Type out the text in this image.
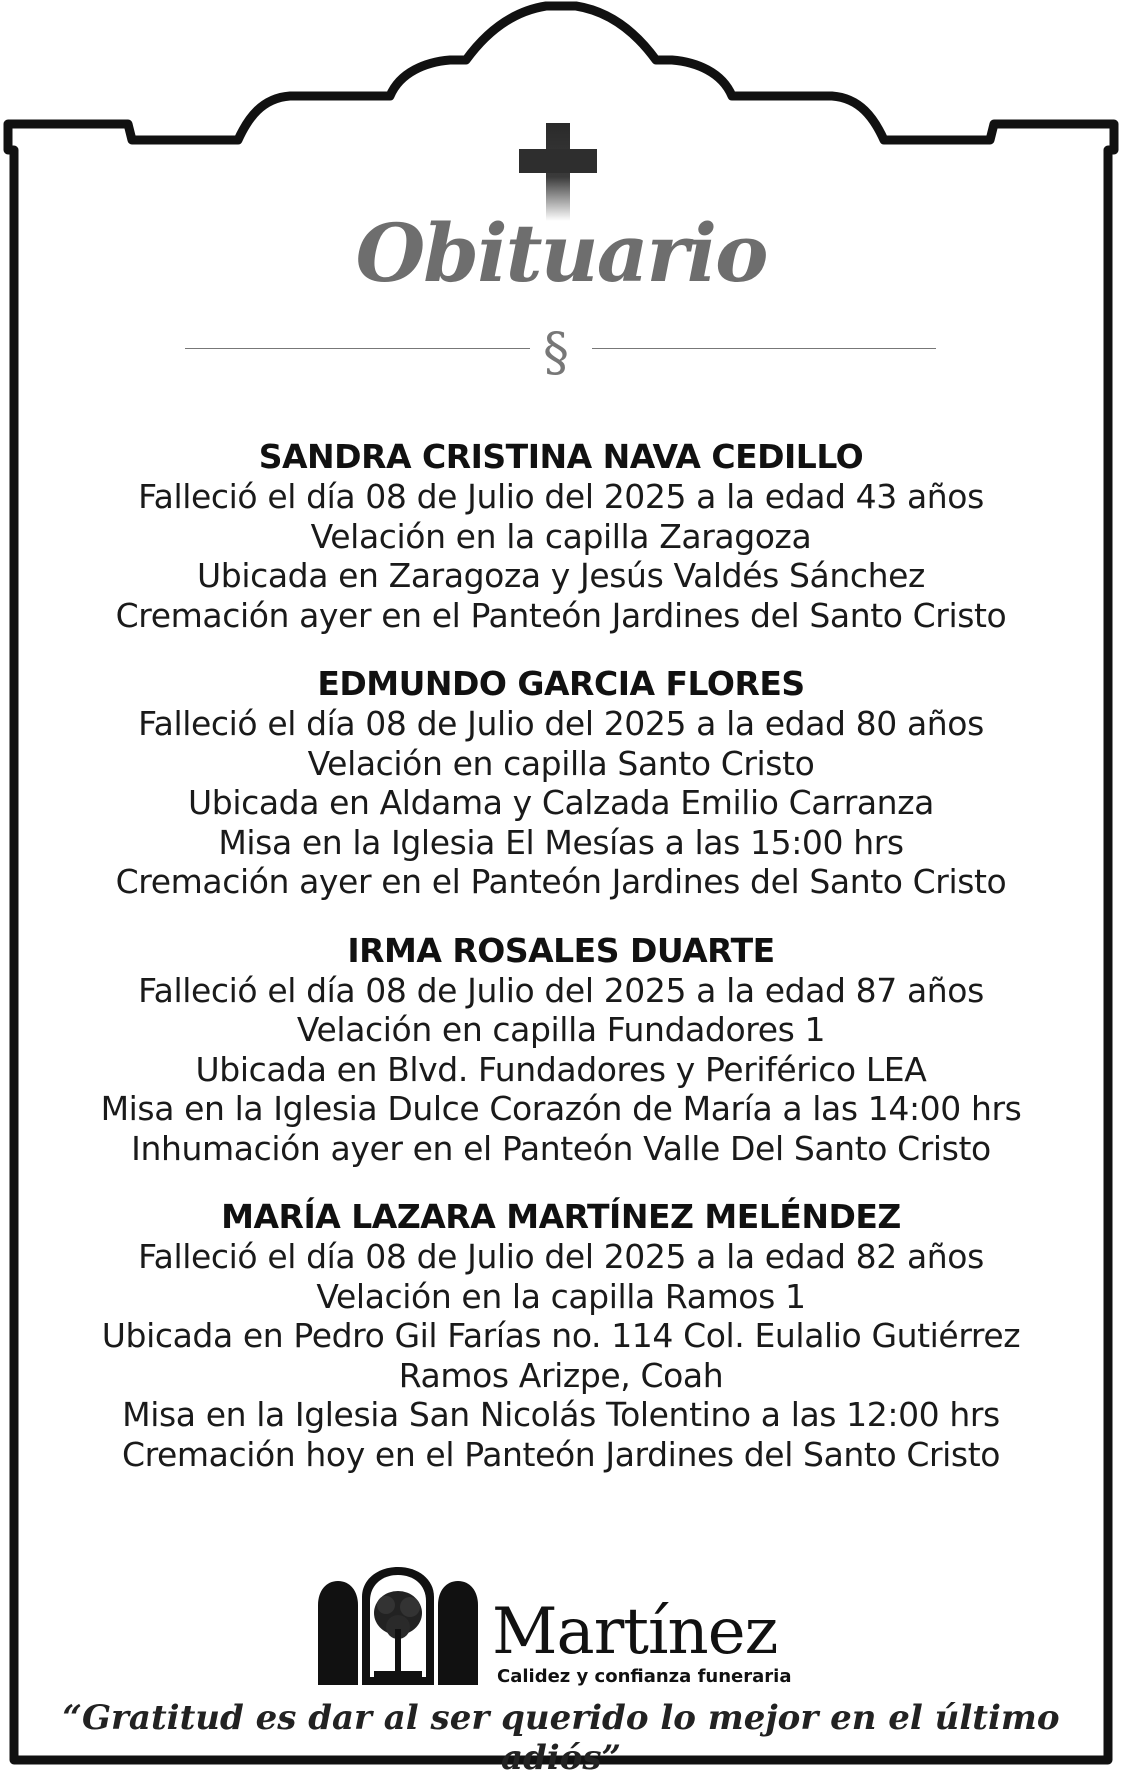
Obituario
§
SANDRA CRISTINA NAVA CEDILLO
Falleció el día 08 de Julio del 2025 a la edad 43 años
Velación en la capilla Zaragoza
Ubicada en Zaragoza y Jesús Valdés Sánchez
Cremación ayer en el Panteón Jardines del Santo Cristo
EDMUNDO GARCIA FLORES
Falleció el día 08 de Julio del 2025 a la edad 80 años
Velación en capilla Santo Cristo
Ubicada en Aldama y Calzada Emilio Carranza
Misa en la Iglesia El Mesías a las 15:00 hrs
Cremación ayer en el Panteón Jardines del Santo Cristo
IRMA ROSALES DUARTE
Falleció el día 08 de Julio del 2025 a la edad 87 años
Velación en capilla Fundadores 1
Ubicada en Blvd. Fundadores y Periférico LEA
Misa en la Iglesia Dulce Corazón de María a las 14:00 hrs
Inhumación ayer en el Panteón Valle Del Santo Cristo
MARÍA LAZARA MARTÍNEZ MELÉNDEZ
Falleció el día 08 de Julio del 2025 a la edad 82 años
Velación en la capilla Ramos 1
Ubicada en Pedro Gil Farías no. 114 Col. Eulalio Gutiérrez
Ramos Arizpe, Coah
Misa en la Iglesia San Nicolás Tolentino a las 12:00 hrs
Cremación hoy en el Panteón Jardines del Santo Cristo

Martínez

Calidez y confianza funeraria

“Gratitud es dar al ser querido lo mejor en el último adiós”
